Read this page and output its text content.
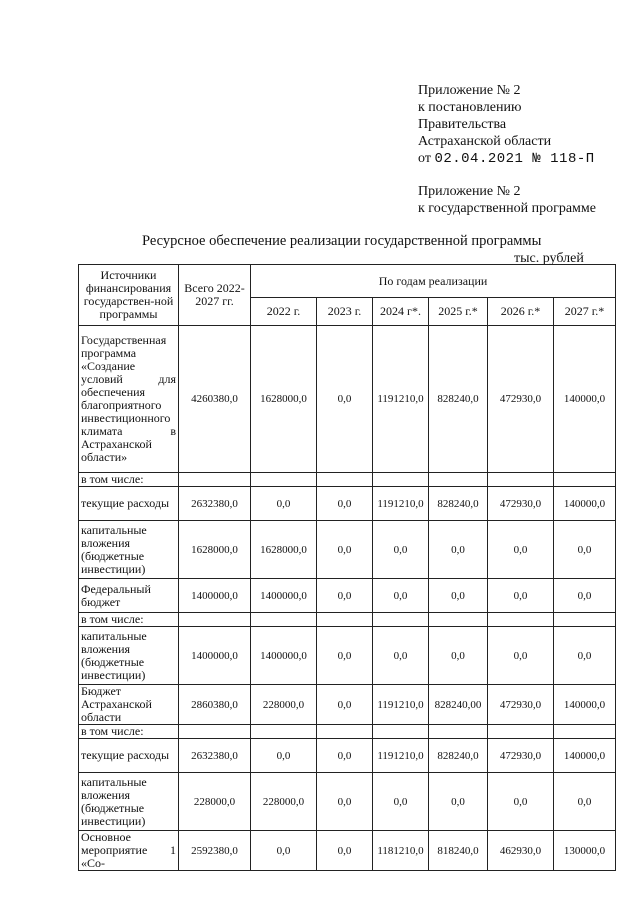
Приложение № 2
к постановлению
Правительства
Астраханской области
от 02.04.2021 № 118-П
Приложение № 2
к государственной программе
Ресурсное обеспечение реализации государственной программы
тыс. рублей
Источники финансирования государствен-ной программы	Всего 2022-2027 гг.	По годам реализации					
		2022 г.	2023 г.	2024 г*.	2025 г.*	2026 г.*	2027 г.*
Государственная программа «Создание условий для обеспечения благоприятного инвестиционного климата в Астраханской области»	4260380,0	1628000,0	0,0	1191210,0	828240,0	472930,0	140000,0
в том числе:							
текущие расходы	2632380,0	0,0	0,0	1191210,0	828240,0	472930,0	140000,0
капитальные вложения (бюджетные инвестиции)	1628000,0	1628000,0	0,0	0,0	0,0	0,0	0,0
Федеральный бюджет	1400000,0	1400000,0	0,0	0,0	0,0	0,0	0,0
в том числе:							
капитальные вложения (бюджетные инвестиции)	1400000,0	1400000,0	0,0	0,0	0,0	0,0	0,0
Бюджет Астраханской области	2860380,0	228000,0	0,0	1191210,0	828240,00	472930,0	140000,0
в том числе:							
текущие расходы	2632380,0	0,0	0,0	1191210,0	828240,0	472930,0	140000,0
капитальные вложения (бюджетные инвестиции)	228000,0	228000,0	0,0	0,0	0,0	0,0	0,0
Основное мероприятие 1 «Со-	2592380,0	0,0	0,0	1181210,0	818240,0	462930,0	130000,0
